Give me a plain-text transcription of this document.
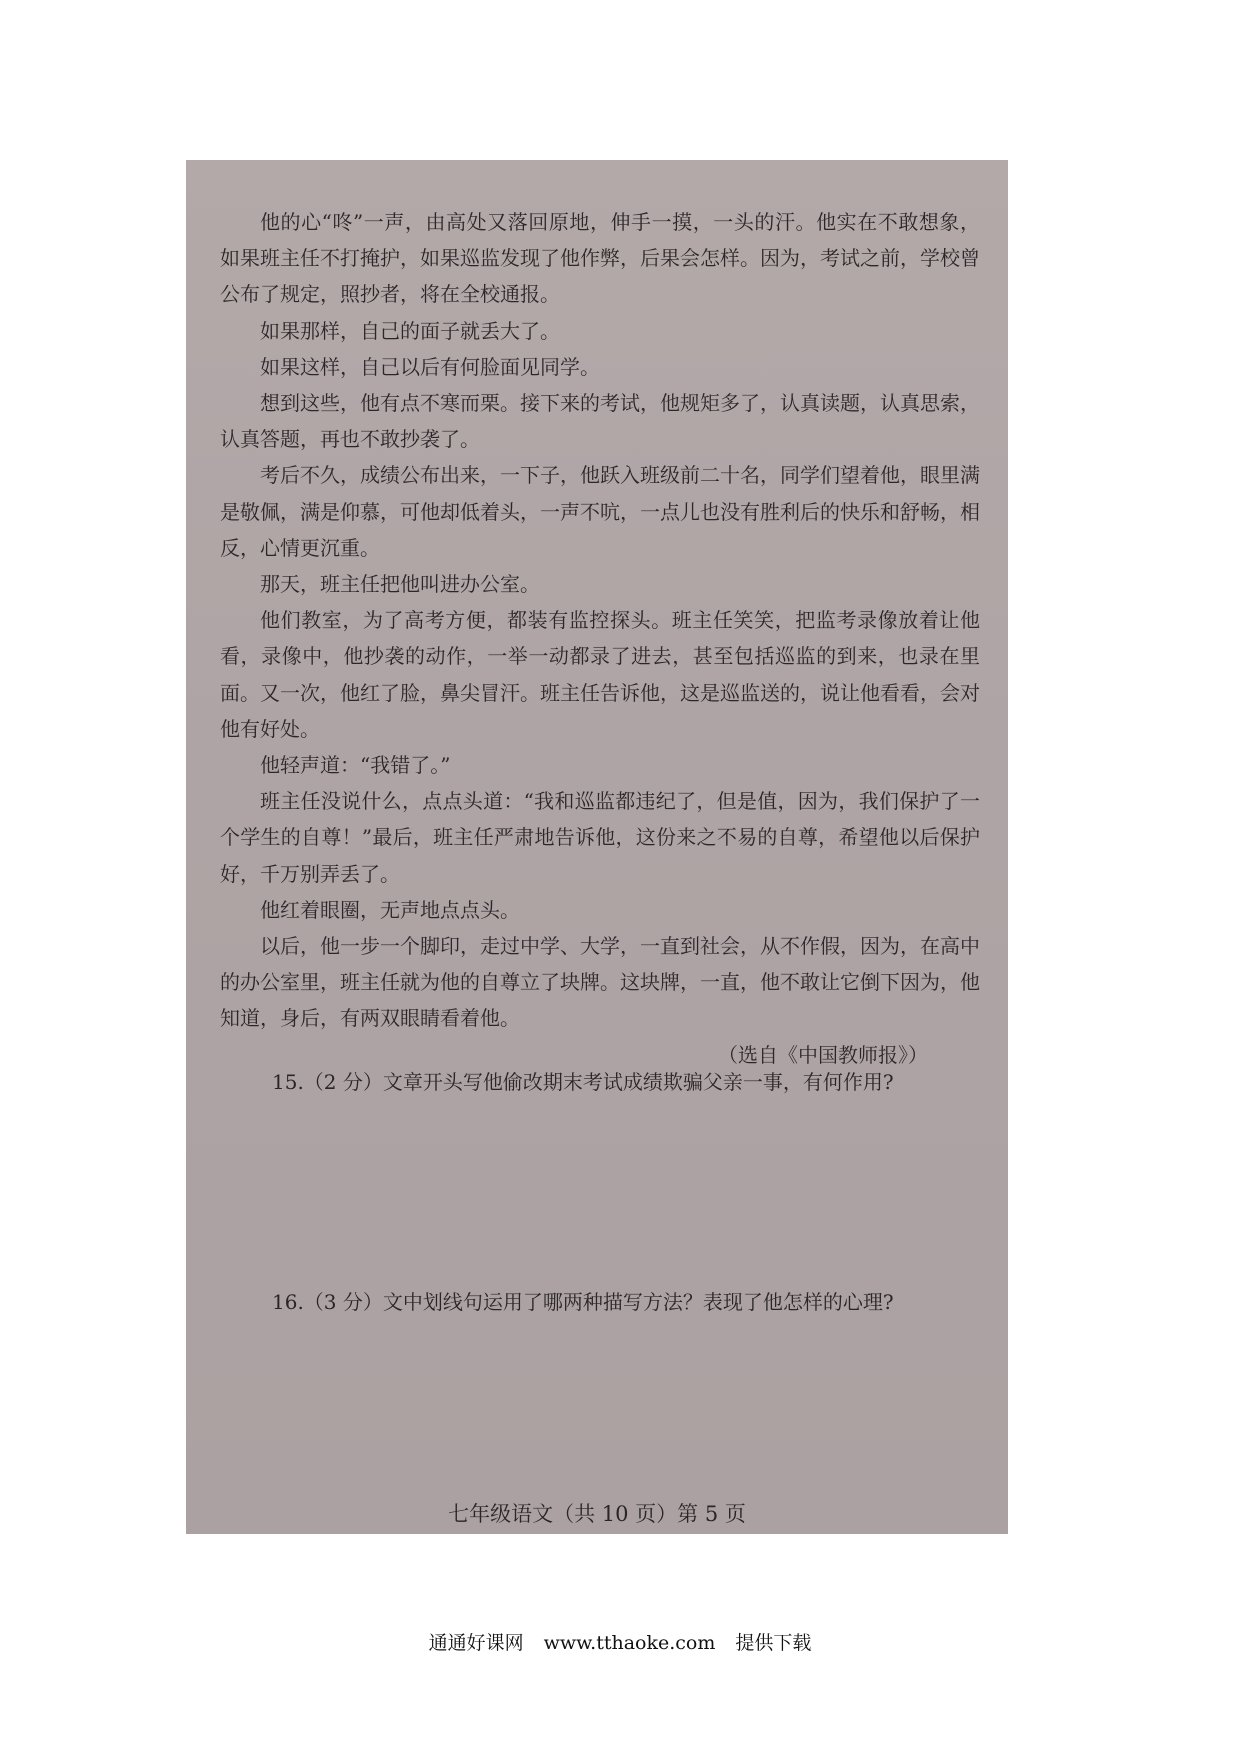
他的心“咚”一声，由高处又落回原地，伸手一摸，一头的汗。他实在不敢想象，如果班主任不打掩护，如果巡监发现了他作弊，后果会怎样。因为，考试之前，学校曾公布了规定，照抄者，将在全校通报。

如果那样，自己的面子就丢大了。

如果这样，自己以后有何脸面见同学。

想到这些，他有点不寒而栗。接下来的考试，他规矩多了，认真读题，认真思索，认真答题，再也不敢抄袭了。

考后不久，成绩公布出来，一下子，他跃入班级前二十名，同学们望着他，眼里满是敬佩，满是仰慕，可他却低着头，一声不吭，一点儿也没有胜利后的快乐和舒畅，相反，心情更沉重。

那天，班主任把他叫进办公室。

他们教室，为了高考方便，都装有监控探头。班主任笑笑，把监考录像放着让他看，录像中，他抄袭的动作，一举一动都录了进去，甚至包括巡监的到来，也录在里面。又一次，他红了脸，鼻尖冒汗。班主任告诉他，这是巡监送的，说让他看看，会对他有好处。

他轻声道：“我错了。”

班主任没说什么，点点头道：“我和巡监都违纪了，但是值，因为，我们保护了一个学生的自尊！”最后，班主任严肃地告诉他，这份来之不易的自尊，希望他以后保护好，千万别弄丢了。

他红着眼圈，无声地点点头。

以后，他一步一个脚印，走过中学、大学，一直到社会，从不作假，因为，在高中的办公室里，班主任就为他的自尊立了块牌。这块牌，一直，他不敢让它倒下因为，他知道，身后，有两双眼睛看着他。

（选自《中国教师报》）

15.（2 分）文章开头写他偷改期末考试成绩欺骗父亲一事，有何作用?
16.（3 分）文中划线句运用了哪两种描写方法？表现了他怎样的心理?
七年级语文（共 10 页）第 5 页
通通好课网 www.tthaoke.com 提供下载
